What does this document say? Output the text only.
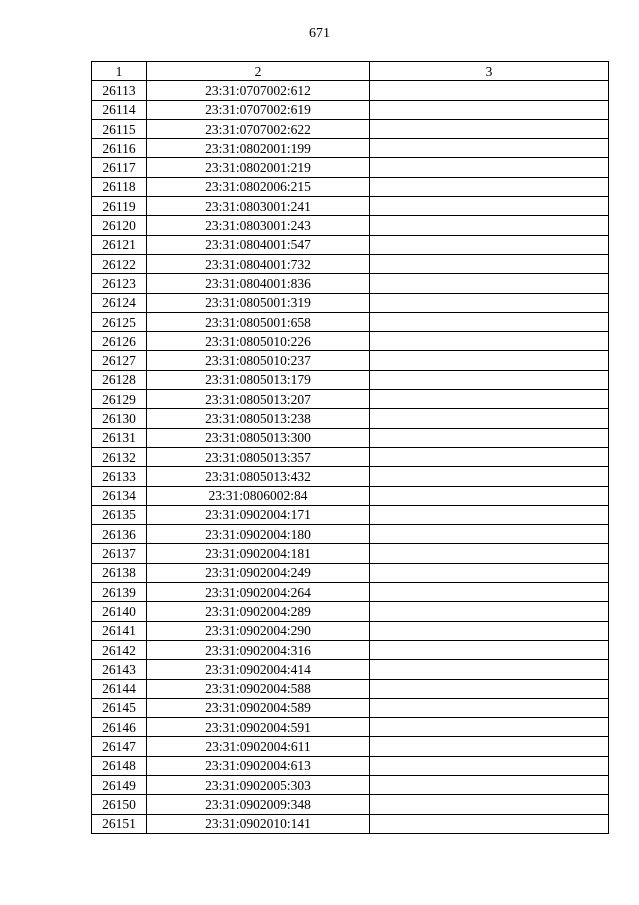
671
1	2	3
26113	23:31:0707002:612	
26114	23:31:0707002:619	
26115	23:31:0707002:622	
26116	23:31:0802001:199	
26117	23:31:0802001:219	
26118	23:31:0802006:215	
26119	23:31:0803001:241	
26120	23:31:0803001:243	
26121	23:31:0804001:547	
26122	23:31:0804001:732	
26123	23:31:0804001:836	
26124	23:31:0805001:319	
26125	23:31:0805001:658	
26126	23:31:0805010:226	
26127	23:31:0805010:237	
26128	23:31:0805013:179	
26129	23:31:0805013:207	
26130	23:31:0805013:238	
26131	23:31:0805013:300	
26132	23:31:0805013:357	
26133	23:31:0805013:432	
26134	23:31:0806002:84	
26135	23:31:0902004:171	
26136	23:31:0902004:180	
26137	23:31:0902004:181	
26138	23:31:0902004:249	
26139	23:31:0902004:264	
26140	23:31:0902004:289	
26141	23:31:0902004:290	
26142	23:31:0902004:316	
26143	23:31:0902004:414	
26144	23:31:0902004:588	
26145	23:31:0902004:589	
26146	23:31:0902004:591	
26147	23:31:0902004:611	
26148	23:31:0902004:613	
26149	23:31:0902005:303	
26150	23:31:0902009:348	
26151	23:31:0902010:141	
